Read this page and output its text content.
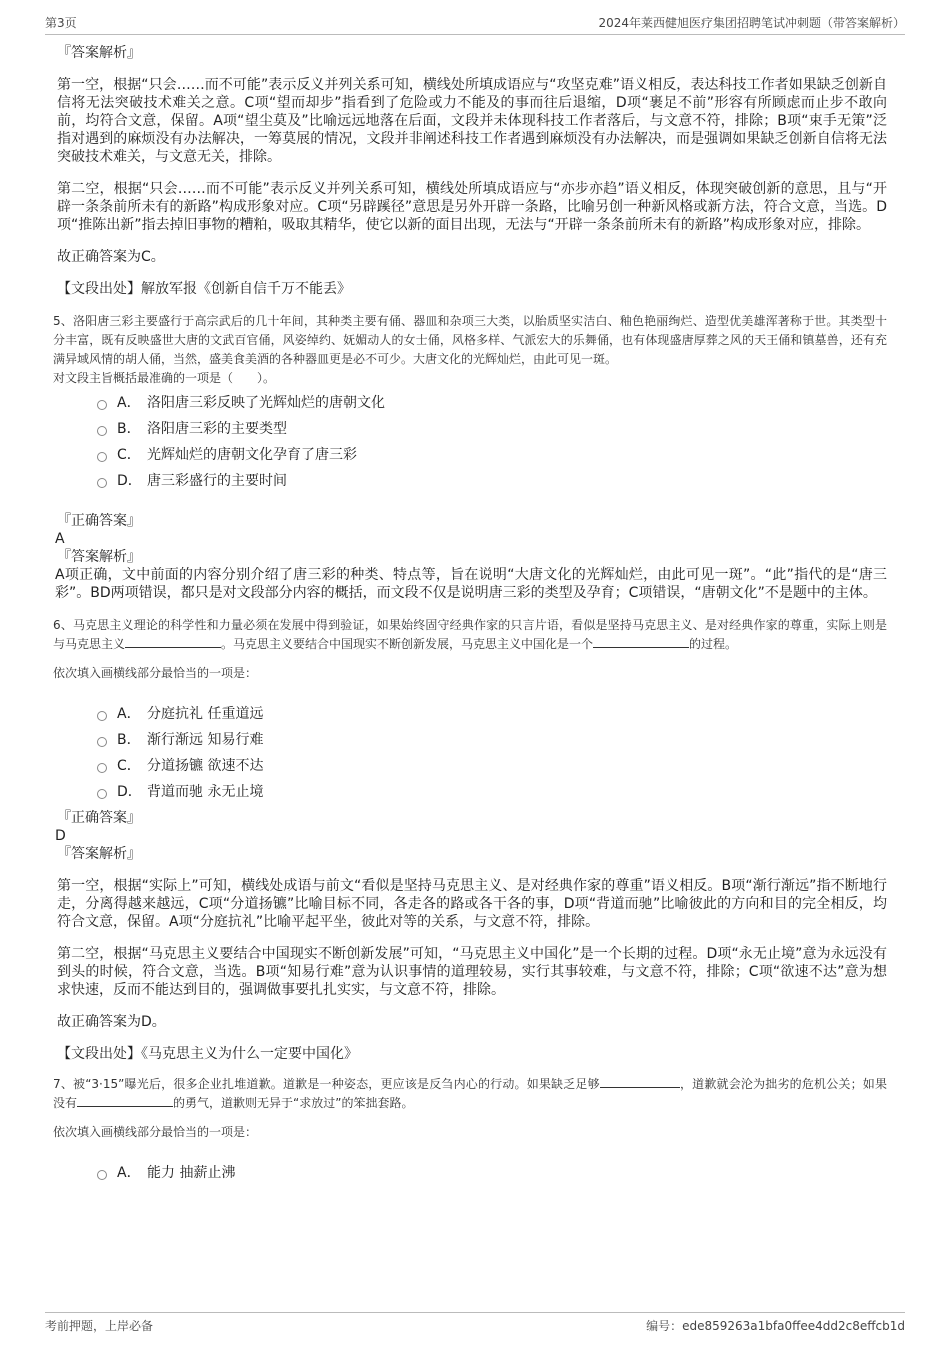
第3页	2024年莱西健旭医疗集团招聘笔试冲刺题（带答案解析）
『答案解析』

第一空，根据“只会……而不可能”表示反义并列关系可知，横线处所填成语应与“攻坚克难”语义相反，表达科技工作者如果缺乏创新自信将无法突破技术难关之意。C项“望而却步”指看到了危险或力不能及的事而往后退缩，D项“裹足不前”形容有所顾虑而止步不敢向前，均符合文意，保留。A项“望尘莫及”比喻远远地落在后面，文段并未体现科技工作者落后，与文意不符，排除；B项“束手无策”泛指对遇到的麻烦没有办法解决，一筹莫展的情况，文段并非阐述科技工作者遇到麻烦没有办法解决，而是强调如果缺乏创新自信将无法突破技术难关，与文意无关，排除。

第二空，根据“只会……而不可能”表示反义并列关系可知，横线处所填成语应与“亦步亦趋”语义相反，体现突破创新的意思，且与“开辟一条条前所未有的新路”构成形象对应。C项“另辟蹊径”意思是另外开辟一条路，比喻另创一种新风格或新方法，符合文意，当选。D项“推陈出新”指去掉旧事物的糟粕，吸取其精华，使它以新的面目出现，无法与“开辟一条条前所未有的新路”构成形象对应，排除。

故正确答案为C。

【文段出处】解放军报《创新自信千万不能丢》

5、洛阳唐三彩主要盛行于高宗武后的几十年间，其种类主要有俑、器皿和杂项三大类，以胎质坚实洁白、釉色艳丽绚烂、造型优美雄浑著称于世。其类型十分丰富，既有反映盛世大唐的文武百官俑，风姿绰约、妩媚动人的女士俑，风格多样、气派宏大的乐舞俑，也有体现盛唐厚葬之风的天王俑和镇墓兽，还有充满异域风情的胡人俑，当然，盛美食美酒的各种器皿更是必不可少。大唐文化的光辉灿烂，由此可见一斑。

对文段主旨概括最准确的一项是（　　）。

A． 洛阳唐三彩反映了光辉灿烂的唐朝文化
B． 洛阳唐三彩的主要类型
C． 光辉灿烂的唐朝文化孕育了唐三彩
D． 唐三彩盛行的主要时间
『正确答案』
A
『答案解析』

A项正确，文中前面的内容分别介绍了唐三彩的种类、特点等，旨在说明“大唐文化的光辉灿烂，由此可见一斑”。“此”指代的是“唐三彩”。BD两项错误，都只是对文段部分内容的概括，而文段不仅是说明唐三彩的类型及孕育；C项错误，“唐朝文化”不是题中的主体。

6、马克思主义理论的科学性和力量必须在发展中得到验证，如果始终固守经典作家的只言片语，看似是坚持马克思主义、是对经典作家的尊重，实际上则是与马克思主义	。马克思主义要结合中国现实不断创新发展，马克思主义中国化是一个	的过程。

依次填入画横线部分最恰当的一项是：

A． 分庭抗礼 任重道远
B． 渐行渐远 知易行难
C． 分道扬镳 欲速不达
D． 背道而驰 永无止境
『正确答案』
D
『答案解析』

第一空，根据“实际上”可知，横线处成语与前文“看似是坚持马克思主义、是对经典作家的尊重”语义相反。B项“渐行渐远”指不断地行走，分离得越来越远，C项“分道扬镳”比喻目标不同，各走各的路或各干各的事，D项“背道而驰”比喻彼此的方向和目的完全相反，均符合文意，保留。A项“分庭抗礼”比喻平起平坐，彼此对等的关系，与文意不符，排除。

第二空，根据“马克思主义要结合中国现实不断创新发展”可知，“马克思主义中国化”是一个长期的过程。D项“永无止境”意为永远没有到头的时候，符合文意，当选。B项“知易行难”意为认识事情的道理较易，实行其事较难，与文意不符，排除；C项“欲速不达”意为想求快速，反而不能达到目的，强调做事要扎扎实实，与文意不符，排除。

故正确答案为D。

【文段出处】《马克思主义为什么一定要中国化》

7、被“3·15”曝光后，很多企业扎堆道歉。道歉是一种姿态，更应该是反刍内心的行动。如果缺乏足够	，道歉就会沦为拙劣的危机公关；如果没有	的勇气，道歉则无异于“求放过”的笨拙套路。

依次填入画横线部分最恰当的一项是：

A． 能力 抽薪止沸
考前押题，上岸必备	编号：ede859263a1bfa0ffee4dd2c8effcb1d
